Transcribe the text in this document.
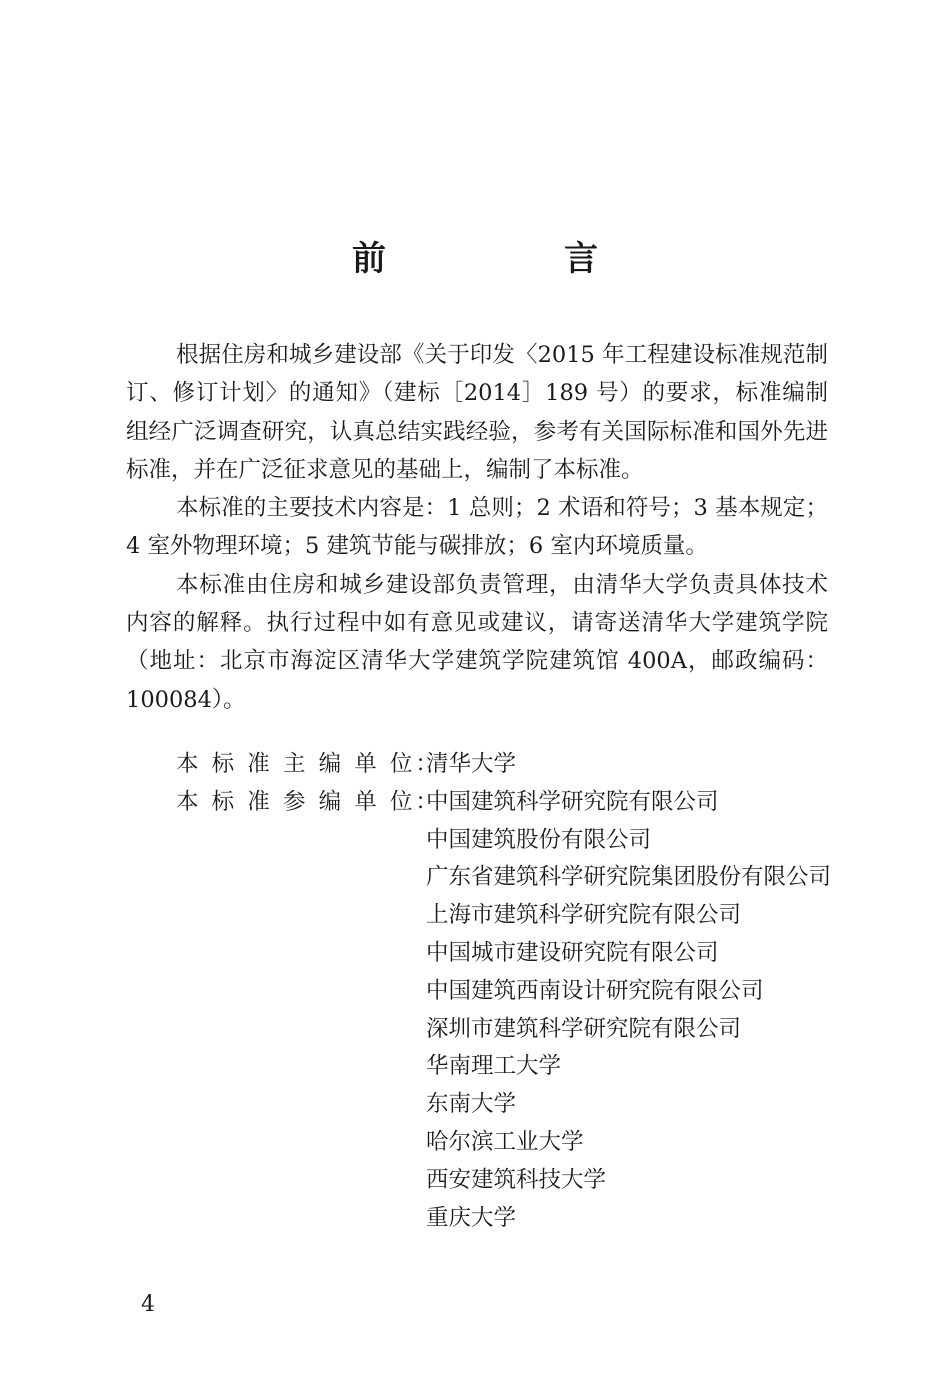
前　言

根据住房和城乡建设部《关于印发〈2015 年工程建设标准规范制订、修订计划〉的通知》（建标［2014］189 号）的要求，标准编制组经广泛调查研究，认真总结实践经验，参考有关国际标准和国外先进标准，并在广泛征求意见的基础上，编制了本标准。

本标准的主要技术内容是：1 总则；2 术语和符号；3 基本规定；4 室外物理环境；5 建筑节能与碳排放；6 室内环境质量。

本标准由住房和城乡建设部负责管理，由清华大学负责具体技术内容的解释。执行过程中如有意见或建议，请寄送清华大学建筑学院（地址：北京市海淀区清华大学建筑学院建筑馆 400A，邮政编码：100084）。

本 标 准 主 编 单 位：
清华大学
本 标 准 参 编 单 位：
中国建筑科学研究院有限公司
中国建筑股份有限公司
广东省建筑科学研究院集团股份有限公司
上海市建筑科学研究院有限公司
中国城市建设研究院有限公司
中国建筑西南设计研究院有限公司
深圳市建筑科学研究院有限公司
华南理工大学
东南大学
哈尔滨工业大学
西安建筑科技大学
重庆大学
4
